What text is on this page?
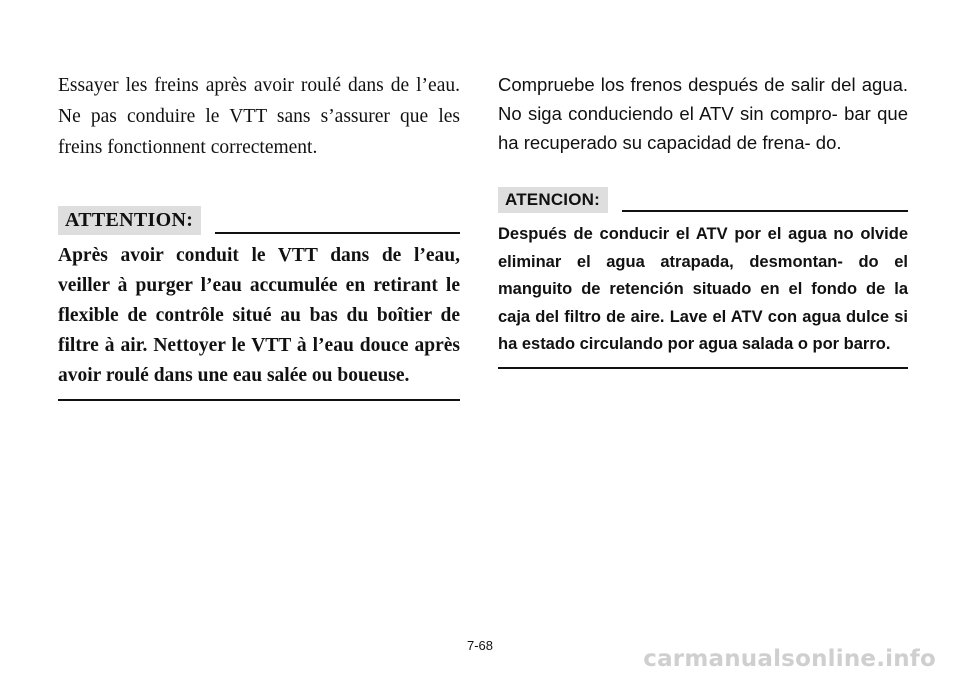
Essayer les freins après avoir roulé dans de l’eau. Ne pas conduire le VTT sans s’assurer que les freins fonctionnent correctement.

ATTENTION:

Après avoir conduit le VTT dans de l’eau, veiller à purger l’eau accumulée en retirant le flexible de contrôle situé au bas du boîtier de filtre à air. Nettoyer le VTT à l’eau douce après avoir roulé dans une eau salée ou boueuse.

Compruebe los frenos después de salir del agua. No siga conduciendo el ATV sin compro- bar que ha recuperado su capacidad de frena- do.

ATENCION:

Después de conducir el ATV por el agua no olvide eliminar el agua atrapada, desmontan- do el manguito de retención situado en el fondo de la caja del filtro de aire. Lave el ATV con agua dulce si ha estado circulando por agua salada o por barro.

7-68
carmanualsonline.info
